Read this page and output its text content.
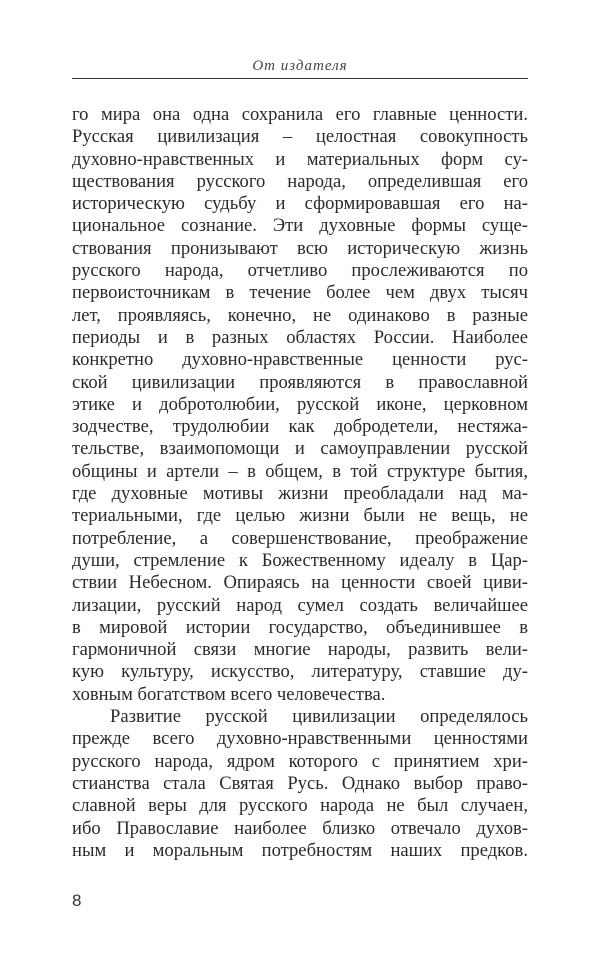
От издателя
го мира она одна сохранила его главные ценности.
Русская цивилизация – целостная совокупность
духовно-нравственных и материальных форм су-
ществования русского народа, определившая его
историческую судьбу и сформировавшая его на-
циональное сознание. Эти духовные формы суще-
ствования пронизывают всю историческую жизнь
русского народа, отчетливо прослеживаются по
первоисточникам в течение более чем двух тысяч
лет, проявляясь, конечно, не одинаково в разные
периоды и в разных областях России. Наиболее
конкретно духовно-нравственные ценности рус-
ской цивилизации проявляются в православной
этике и добротолюбии, русской иконе, церковном
зодчестве, трудолюбии как добродетели, нестяжа-
тельстве, взаимопомощи и самоуправлении русской
общины и артели – в общем, в той структуре бытия,
где духовные мотивы жизни преобладали над ма-
териальными, где целью жизни были не вещь, не
потребление, а совершенствование, преображение
души, стремление к Божественному идеалу в Цар-
ствии Небесном. Опираясь на ценности своей циви-
лизации, русский народ сумел создать величайшее
в мировой истории государство, объединившее в
гармоничной связи многие народы, развить вели-
кую культуру, искусство, литературу, ставшие ду-
ховным богатством всего человечества.
Развитие русской цивилизации определялось
прежде всего духовно-нравственными ценностями
русского народа, ядром которого с принятием хри-
стианства стала Святая Русь. Однако выбор право-
славной веры для русского народа не был случаен,
ибо Православие наиболее близко отвечало духов-
ным и моральным потребностям наших предков.
8
